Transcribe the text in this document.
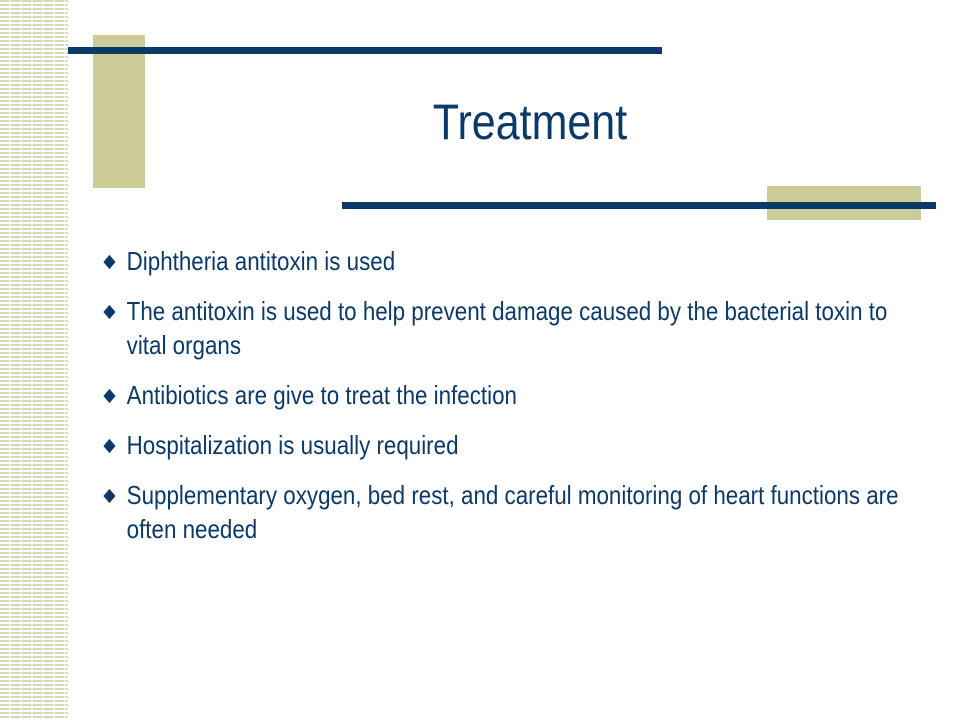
Treatment
Diphtheria antitoxin is used
The antitoxin is used to help prevent damage caused by the bacterial toxin to vital organs
Antibiotics are give to treat the infection
Hospitalization is usually required
Supplementary oxygen, bed rest, and careful monitoring of heart functions are often needed
